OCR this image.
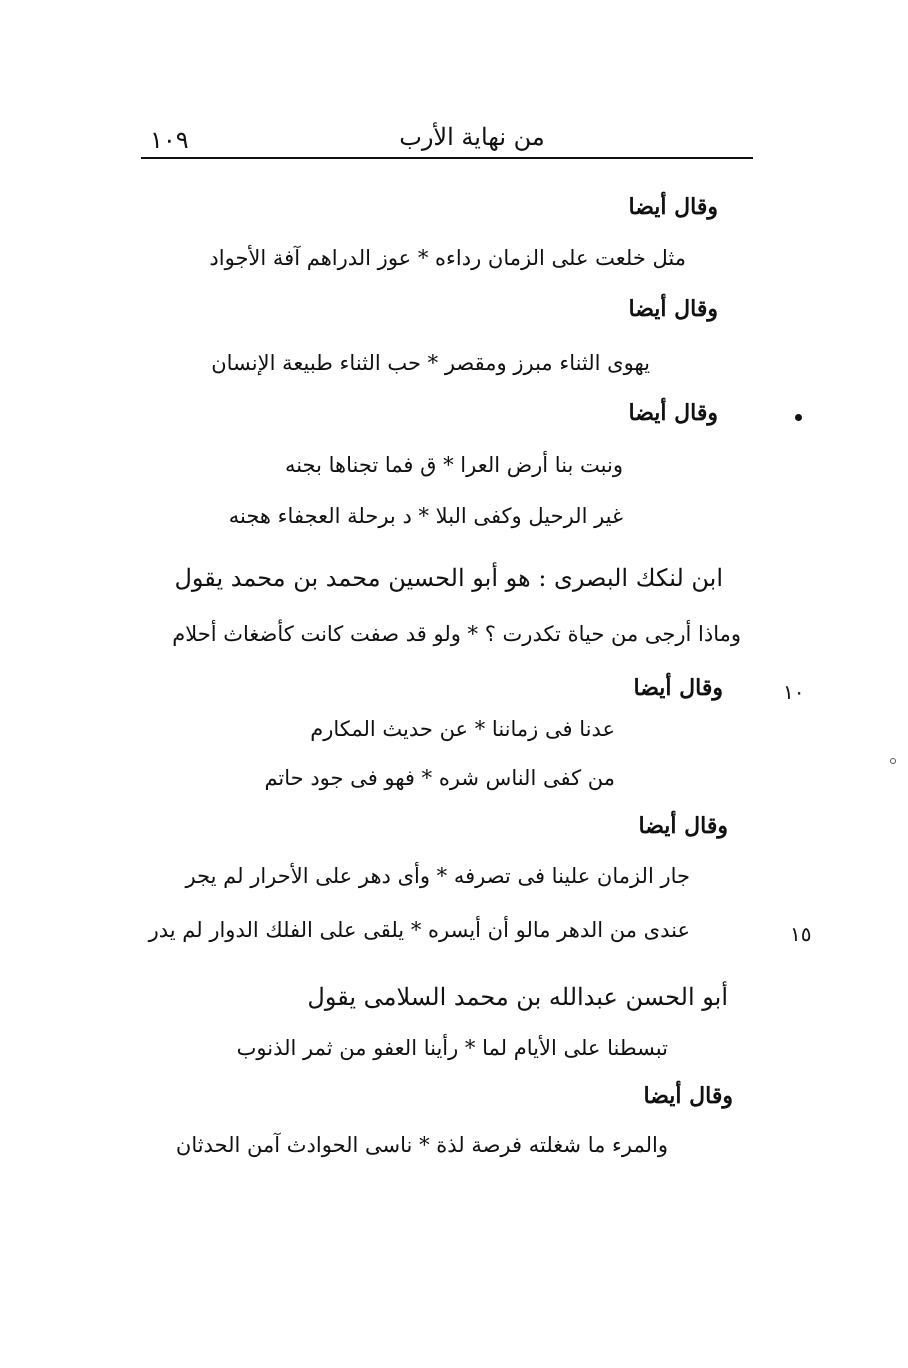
من نهاية الأرب
١٠٩
وقال أيضا
مثل خلعت على الزمان رداءه * عوز الدراهم آفة الأجواد
وقال أيضا
يهوى الثناء مبرز ومقصر * حب الثناء طبيعة الإنسان
وقال أيضا
ونبت بنا أرض العرا * ق فما تجناها بجنه
غير الرحيل وكفى البلا * د برحلة العجفاء هجنه
ابن لنكك البصرى : هو أبو الحسين محمد بن محمد يقول
وماذا أرجى من حياة تكدرت ؟ * ولو قد صفت كانت كأضغاث أحلام
وقال أيضا	١٠
عدنا فى زماننا * عن حديث المكارم
من كفى الناس شره * فهو فى جود حاتم
وقال أيضا
جار الزمان علينا فى تصرفه * وأى دهر على الأحرار لم يجر
عندى من الدهر مالو أن أيسره * يلقى على الفلك الدوار لم يدر	١٥
أبو الحسن عبدالله بن محمد السلامى يقول
تبسطنا على الأيام لما * رأينا العفو من ثمر الذنوب
وقال أيضا
والمرء ما شغلته فرصة لذة * ناسى الحوادث آمن الحدثان
